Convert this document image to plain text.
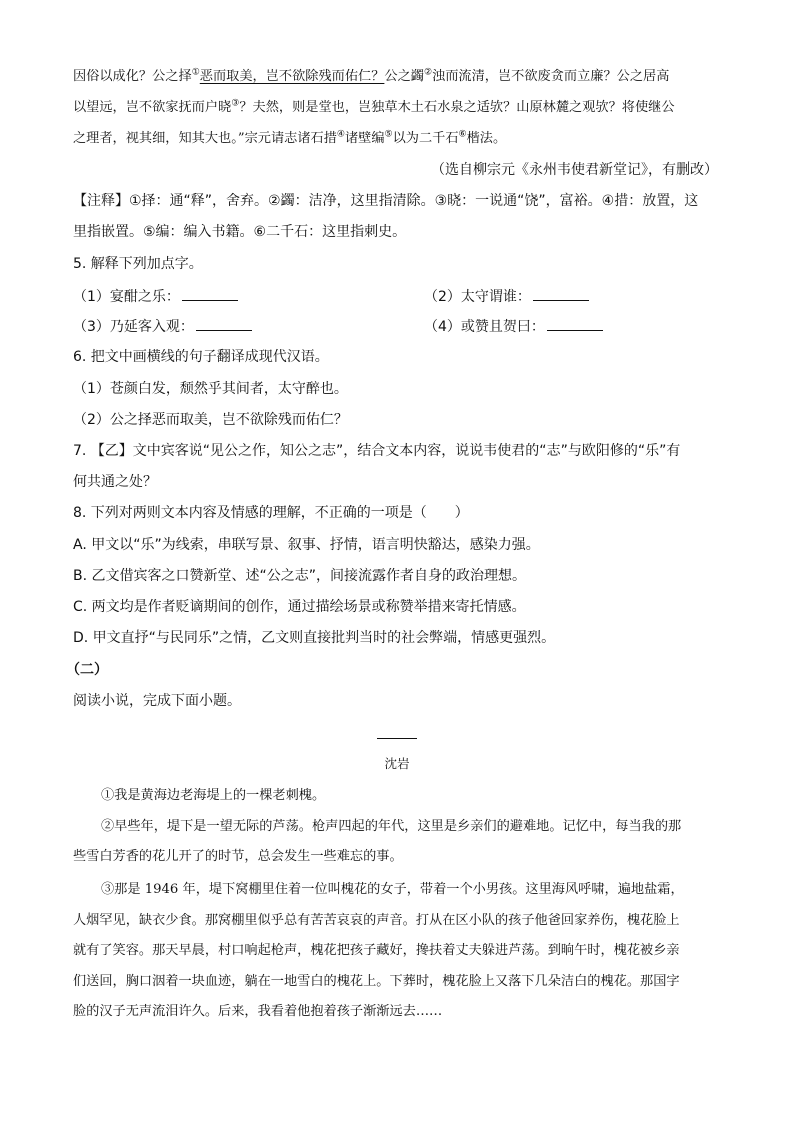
因俗以成化？公之择①恶而取美，岂不欲除残而佑仁？公之蠲②浊而流清，岂不欲废贪而立廉？公之居高
以望远，岂不欲家抚而户晓③？夫然，则是堂也，岂独草木土石水泉之适欤？山原林麓之观欤？将使继公
之理者，视其细，知其大也。”宗元请志诸石措④诸壁编⑤以为二千石⑥楷法。
（选自柳宗元《永州韦使君新堂记》，有删改）
【注释】①择：通“释”，舍弃。②蠲：洁净，这里指清除。③晓：一说通“饶”，富裕。④措：放置，这
里指嵌置。⑤编：编入书籍。⑥二千石：这里指刺史。
5. 解释下列加点字。
（1）宴酣之乐：	（2）太守谓谁：
（3）乃延客入观：	（4）或赞且贺曰：
6. 把文中画横线的句子翻译成现代汉语。
（1）苍颜白发，颓然乎其间者，太守醉也。
（2）公之择恶而取美，岂不欲除残而佑仁？
7. 【乙】文中宾客说“见公之作，知公之志”，结合文本内容，说说韦使君的“志”与欧阳修的“乐”有
何共通之处？
8. 下列对两则文本内容及情感的理解，不正确的一项是（　　）
A. 甲文以“乐”为线索，串联写景、叙事、抒情，语言明快豁达，感染力强。
B. 乙文借宾客之口赞新堂、述“公之志”，间接流露作者自身的政治理想。
C. 两文均是作者贬谪期间的创作，通过描绘场景或称赞举措来寄托情感。
D. 甲文直抒“与民同乐”之情，乙文则直接批判当时的社会弊端，情感更强烈。
（二）
阅读小说，完成下面小题。
沈岩
①我是黄海边老海堤上的一棵老刺槐。
②早些年，堤下是一望无际的芦荡。枪声四起的年代，这里是乡亲们的避难地。记忆中，每当我的那
些雪白芳香的花儿开了的时节，总会发生一些难忘的事。
③那是 1946 年，堤下窝棚里住着一位叫槐花的女子，带着一个小男孩。这里海风呼啸，遍地盐霜，
人烟罕见，缺衣少食。那窝棚里似乎总有苦苦哀哀的声音。打从在区小队的孩子他爸回家养伤，槐花脸上
就有了笑容。那天早晨，村口响起枪声，槐花把孩子藏好，搀扶着丈夫躲进芦荡。到晌午时，槐花被乡亲
们送回，胸口洇着一块血迹，躺在一地雪白的槐花上。下葬时，槐花脸上又落下几朵洁白的槐花。那国字
脸的汉子无声流泪许久。后来，我看着他抱着孩子渐渐远去……
